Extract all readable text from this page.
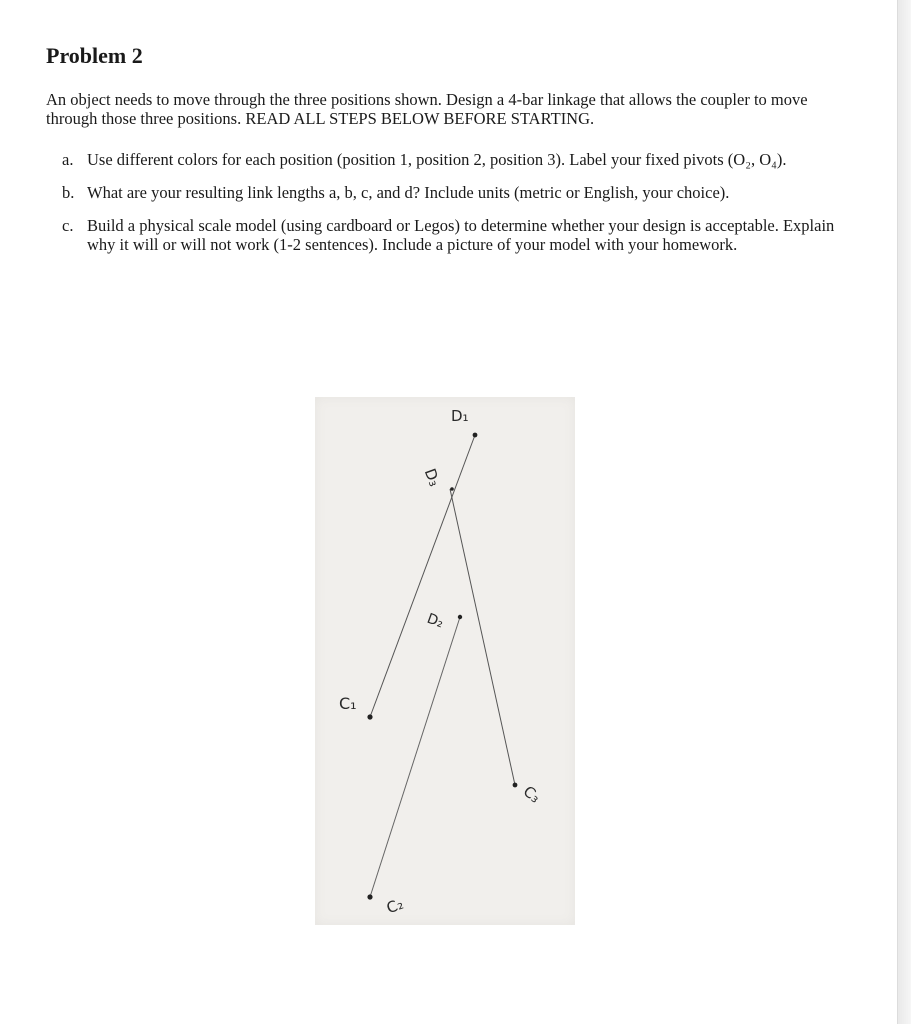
Problem 2

An object needs to move through the three positions shown. Design a 4-bar linkage that allows the coupler to move through those three positions. READ ALL STEPS BELOW BEFORE STARTING.

a. Use different colors for each position (position 1, position 2, position 3). Label your fixed pivots (O₂, O₄).
b. What are your resulting link lengths a, b, c, and d? Include units (metric or English, your choice).
c. Build a physical scale model (using cardboard or Legos) to determine whether your design is acceptable. Explain why it will or will not work (1-2 sentences). Include a picture of your model with your homework.
D₁
D₃
D₂
C₁
C₂
C₃
